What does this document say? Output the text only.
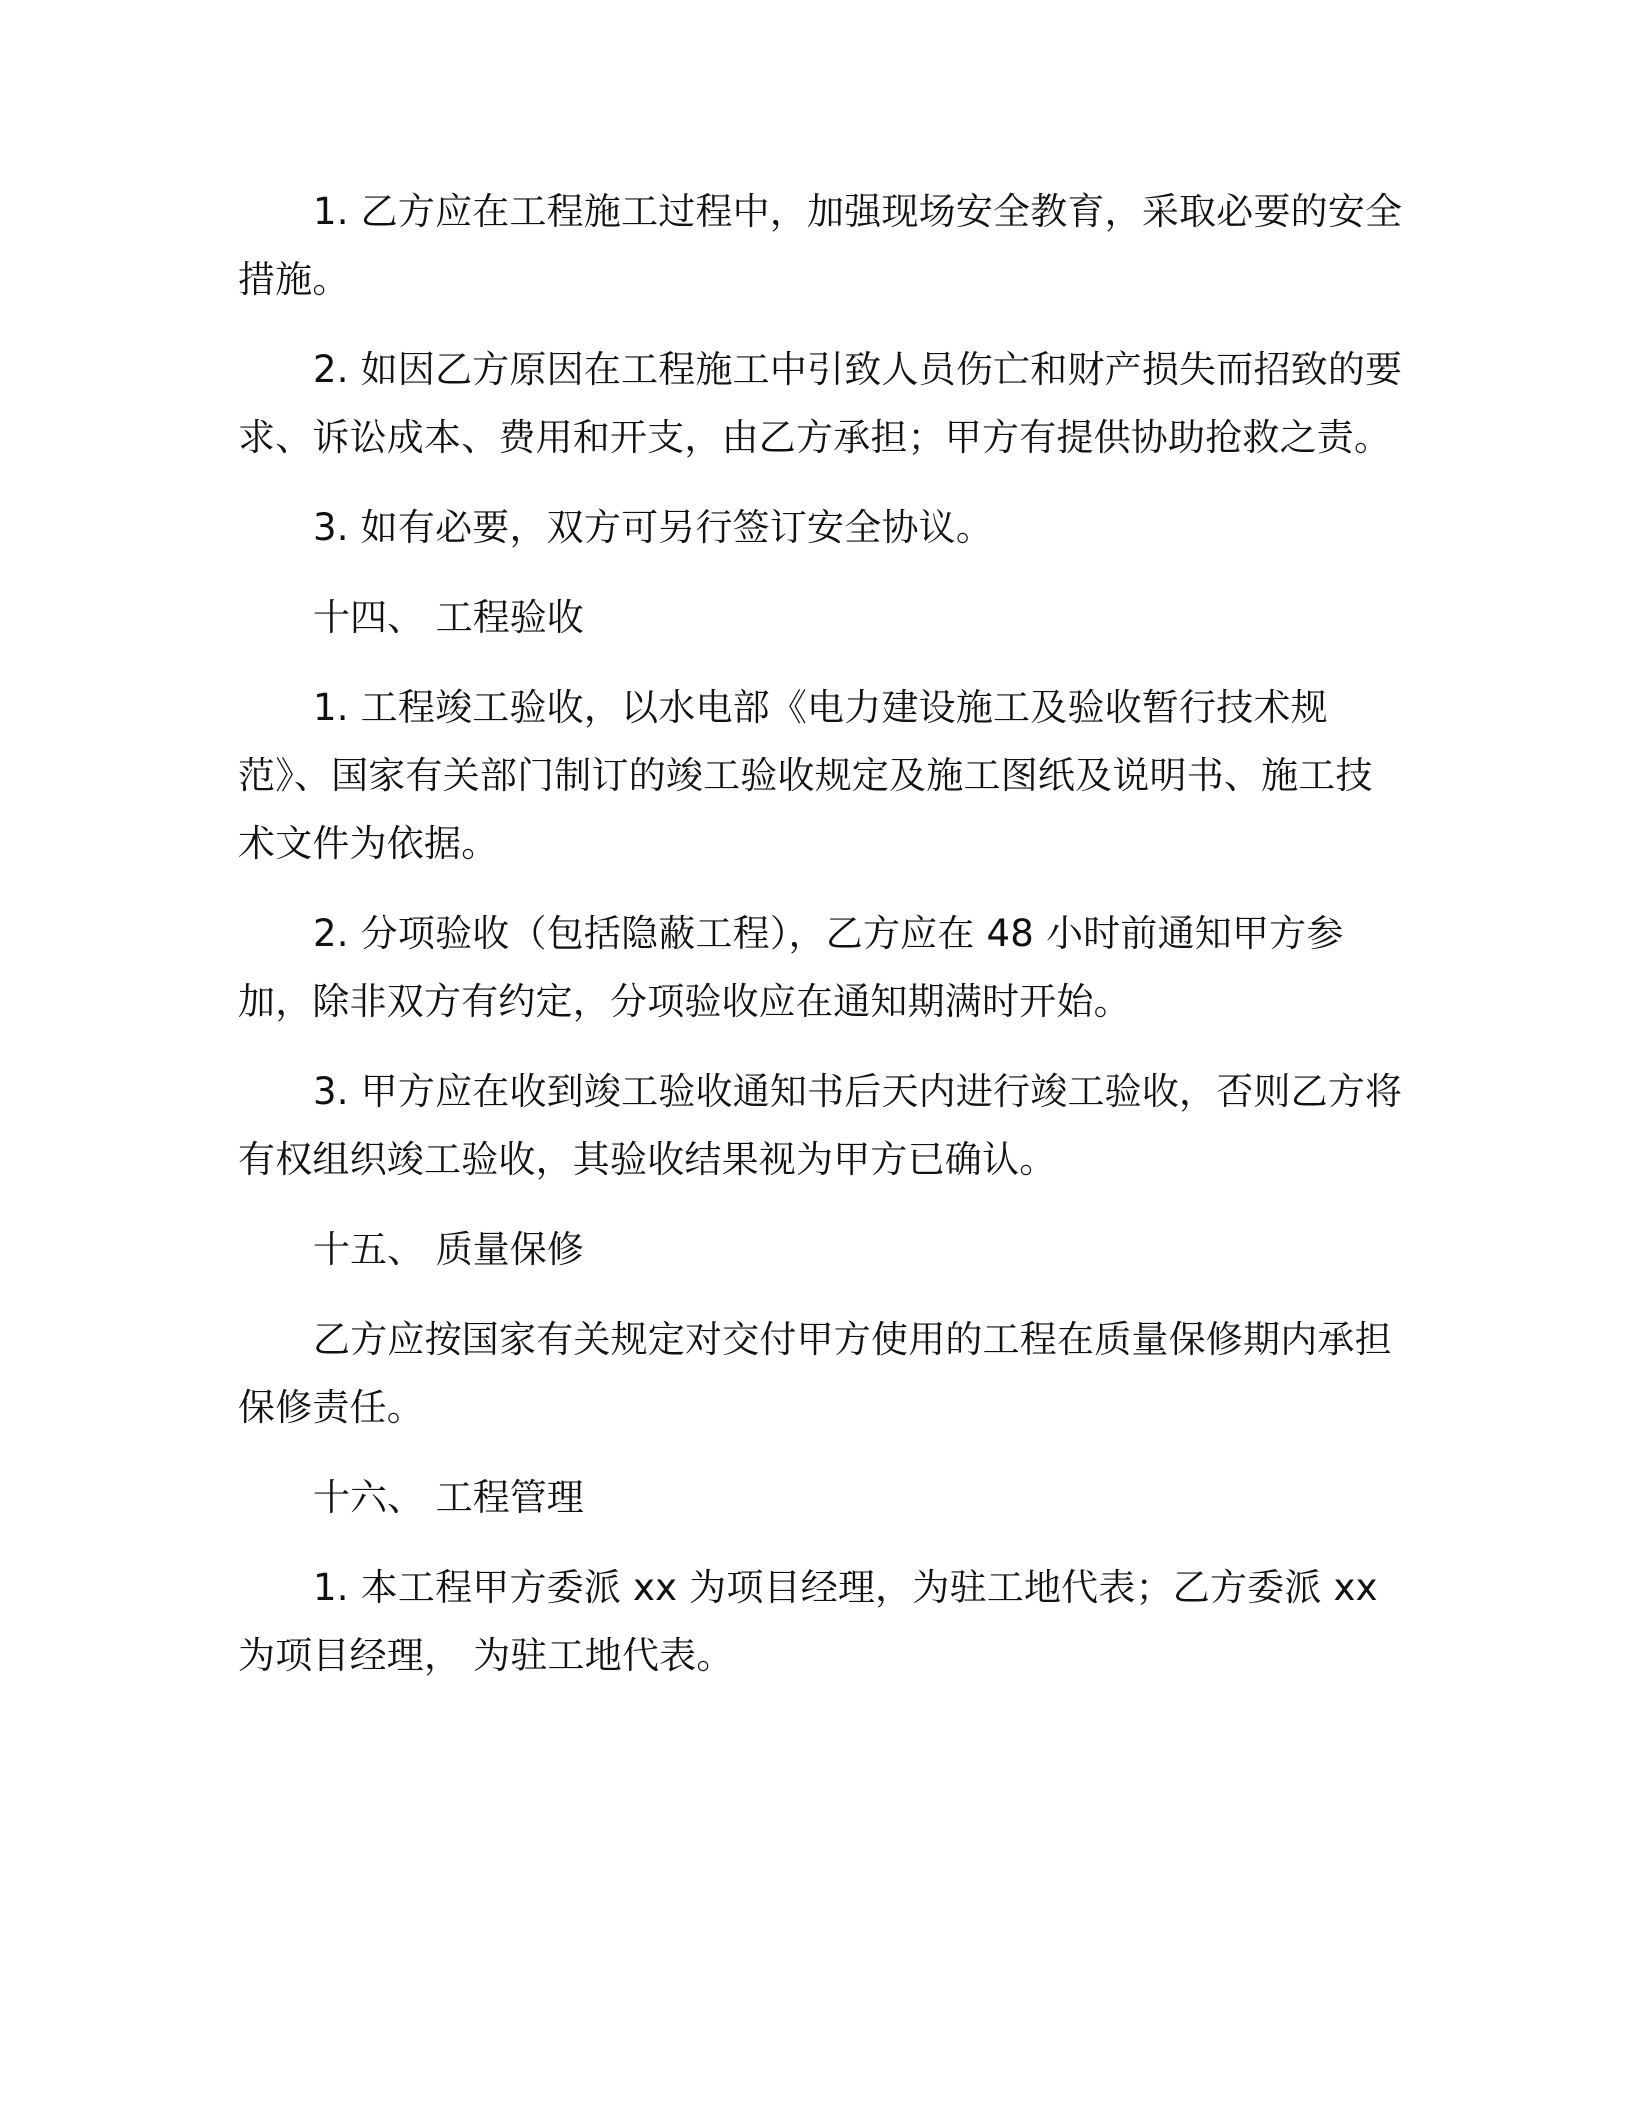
1. 乙方应在工程施工过程中，加强现场安全教育，采取必要的安全措施。

2. 如因乙方原因在工程施工中引致人员伤亡和财产损失而招致的要求、诉讼成本、费用和开支，由乙方承担；甲方有提供协助抢救之责。

3. 如有必要，双方可另行签订安全协议。

十四、 工程验收

1. 工程竣工验收，以水电部《电力建设施工及验收暂行技术规范》、国家有关部门制订的竣工验收规定及施工图纸及说明书、施工技术文件为依据。

2. 分项验收（包括隐蔽工程），乙方应在 48 小时前通知甲方参加，除非双方有约定，分项验收应在通知期满时开始。

3. 甲方应在收到竣工验收通知书后天内进行竣工验收，否则乙方将有权组织竣工验收，其验收结果视为甲方已确认。

十五、 质量保修

乙方应按国家有关规定对交付甲方使用的工程在质量保修期内承担保修责任。

十六、 工程管理

1. 本工程甲方委派 xx 为项目经理，为驻工地代表；乙方委派 xx 为项目经理， 为驻工地代表。
